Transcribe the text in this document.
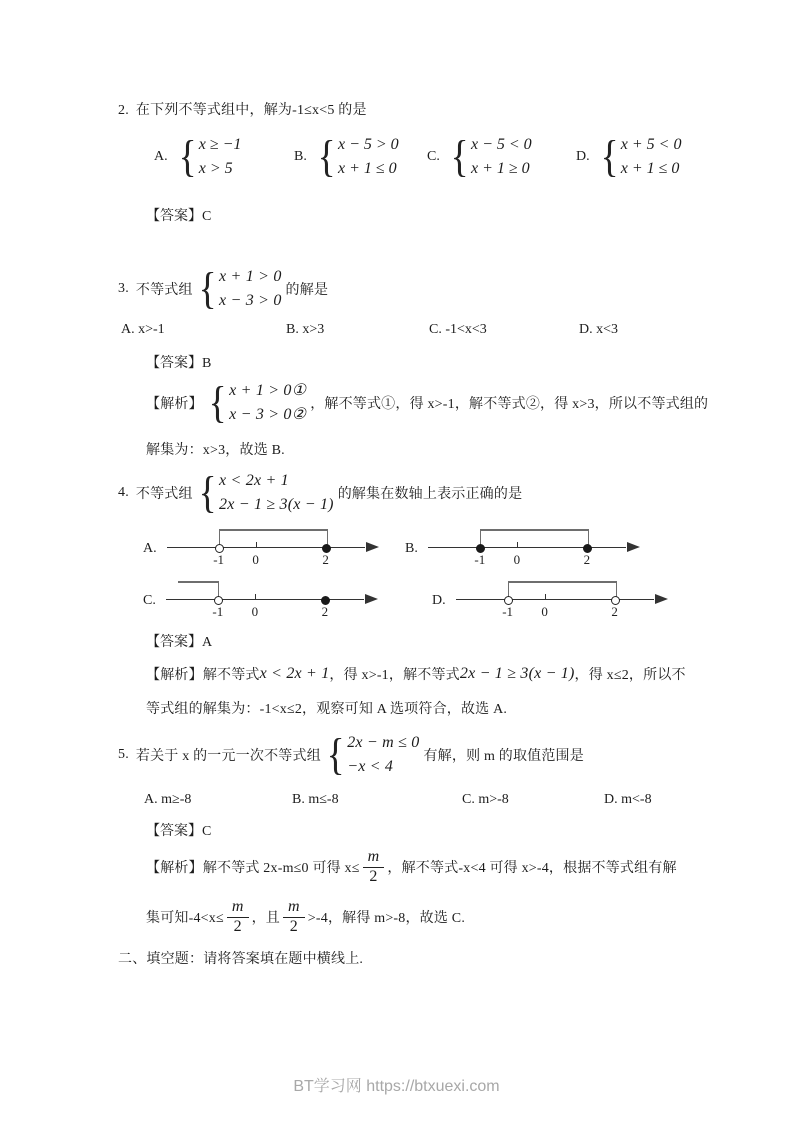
2. 在下列不等式组中，解为-1≤x<5 的是
A. { x ≥ −1
x > 5
B. { x − 5 > 0
x + 1 ≤ 0
C. { x − 5 < 0
x + 1 ≥ 0
D. { x + 5 < 0
x + 1 ≤ 0
【答案】C
3. 不等式组 { x + 1 > 0
x − 3 > 0
的解是
A. x>-1	B. x>3	C. -1<x<3	D. x<3
【答案】B
【解析】 { x + 1 > 0①
x − 3 > 0②
，解不等式①，得 x>-1，解不等式②，得 x>3，所以不等式组的
解集为：x>3，故选 B.
4. 不等式组 { x < 2x + 1
2x − 1 ≥ 3(x − 1)
的解集在数轴上表示正确的是
A.
-1 0	2
B.
-1 0	2
C.
-1 0	2
D.
-1 0	2
【答案】A
【解析】 解不等式 x < 2x + 1 ，得 x>-1，解不等式 2x − 1 ≥ 3(x − 1) ，得 x≤2，所以不
等式组的解集为：-1<x≤2，观察可知 A 选项符合，故选 A.
5. 若关于 x 的一元一次不等式组 { 2x − m ≤ 0
−x < 4
有解，则 m 的取值范围是
A. m≥-8	B. m≤-8	C. m>-8	D. m<-8
【答案】C
【解析】 解不等式 2x-m≤0 可得 $x\le \frac{m}{2}$ ，解不等式-x<4 可得 x>-4，根据不等式组有解
集可知$-4<x\le \frac{m}{2}$ ，且 $\frac{m}{2} >-4$，解得 m>-8，故选 C.
二、填空题：请将答案填在题中横线上.
BT学习网 https://btxuexi.com
